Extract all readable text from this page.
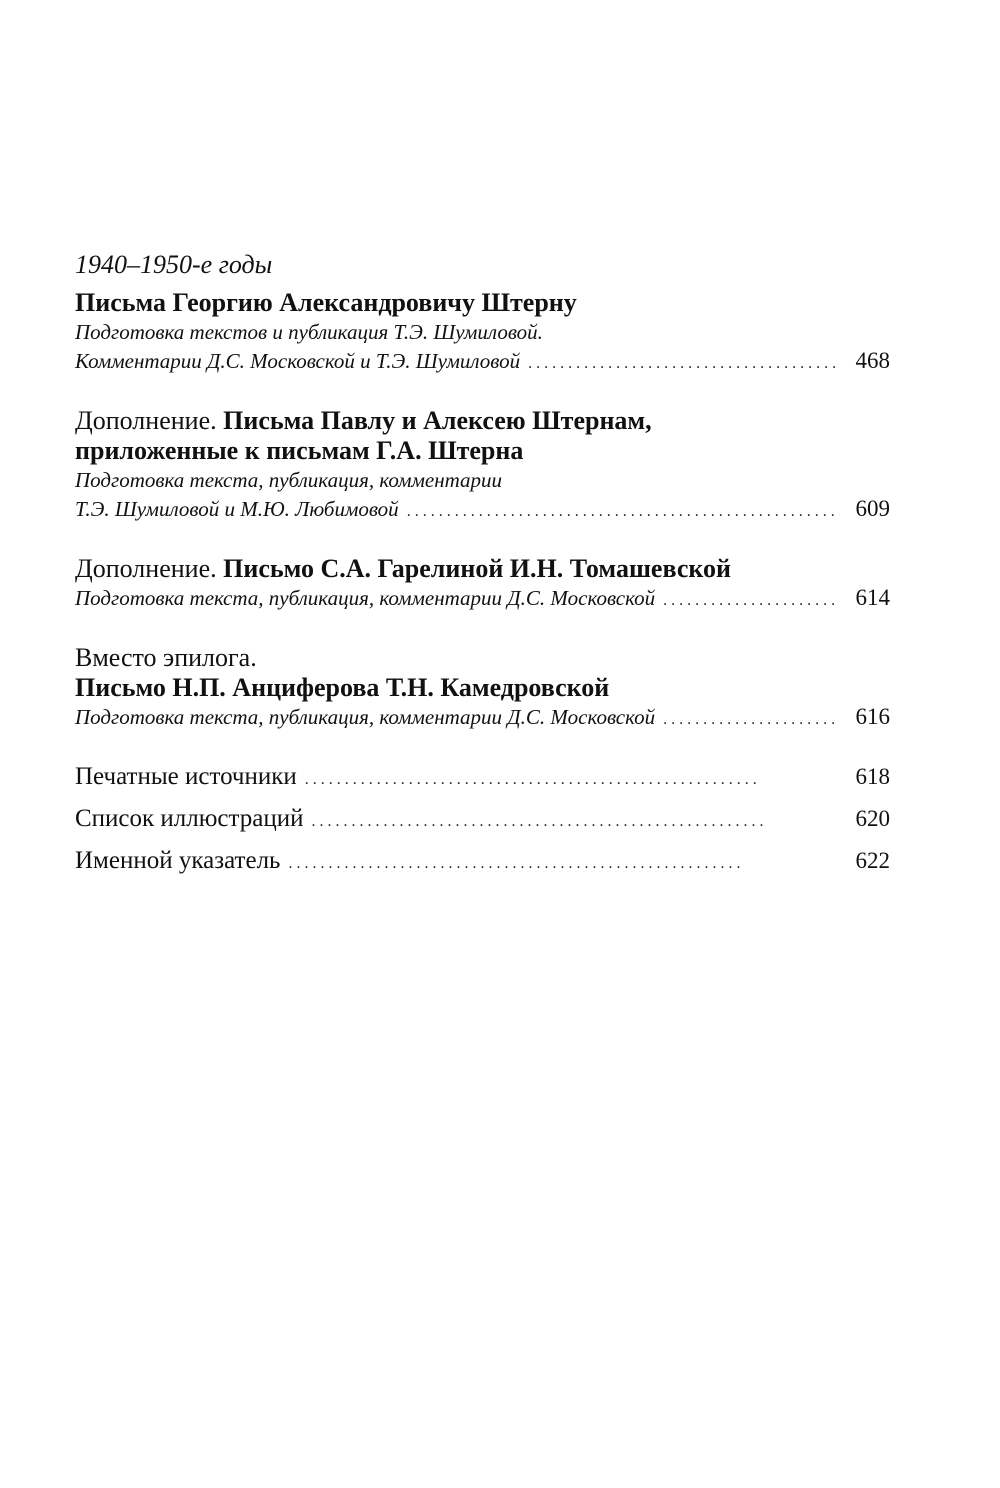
1940–1950-е годы
Письма Георгию Александровичу Штерну
Подготовка текстов и публикация Т.Э. Шумиловой.
Комментарии Д.С. Московской и Т.Э. Шумиловой . .	468
Дополнение. Письма Павлу и Алексею Штернам,
приложенные к письмам Г.А. Штерна
Подготовка текста, публикация, комментарии
Т.Э. Шумиловой и М.Ю. Любимовой . .	609
Дополнение. Письмо С.А. Гарелиной И.Н. Томашевской
Подготовка текста, публикация, комментарии Д.С. Московской . .	614
Вместо эпилога.
Письмо Н.П. Анциферова Т.Н. Камедровской
Подготовка текста, публикация, комментарии Д.С. Московской . .	616
Печатные источники . .	618
Список иллюстраций . .	620
Именной указатель . .	622
